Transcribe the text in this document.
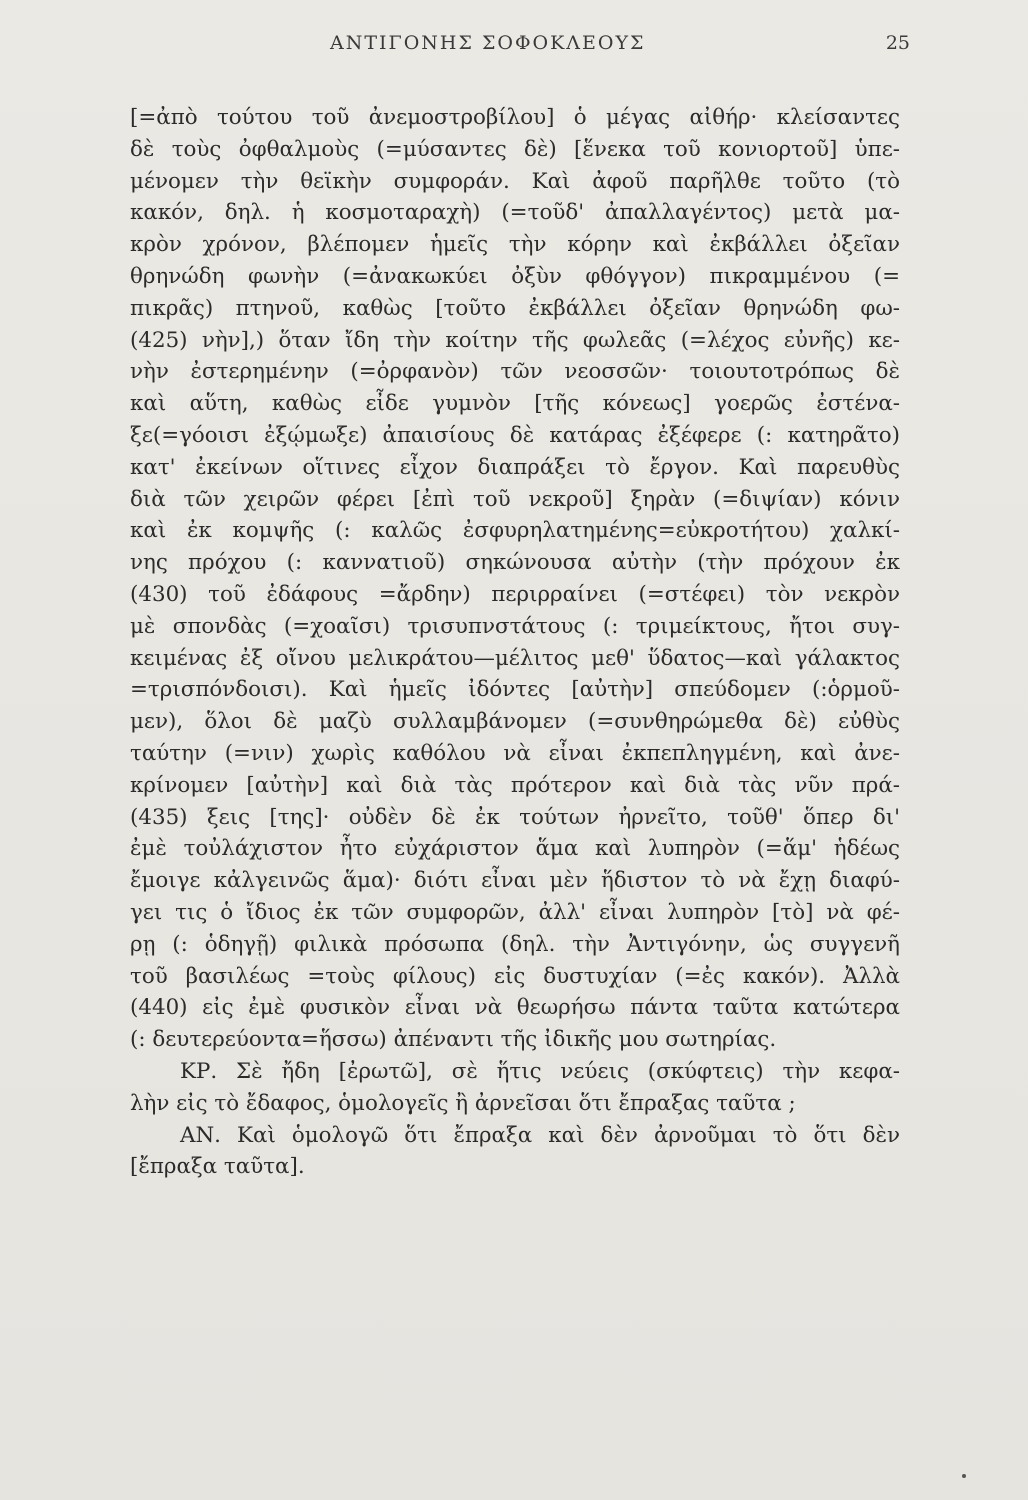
ΑΝΤΙΓΟΝΗΣ ΣΟΦΟΚΛΕΟΥΣ	25
[=ἀπὸ τούτου τοῦ ἀνεμοστροβίλου] ὁ μέγας αἰθήρ· κλείσαντες
δὲ τοὺς ὀφθαλμοὺς (=μύσαντες δὲ) [ἕνεκα τοῦ κονιορτοῦ] ὑπε-
μένομεν τὴν θεϊκὴν συμφοράν. Καὶ ἀφοῦ παρῆλθε τοῦτο (τὸ
κακόν, δηλ. ἡ κοσμοταραχὴ) (=τοῦδ' ἀπαλλαγέντος) μετὰ μα-
κρὸν χρόνον, βλέπομεν ἡμεῖς τὴν κόρην καὶ ἐκβάλλει ὀξεῖαν
θρηνώδη φωνὴν (=ἀνακωκύει ὀξὺν φθόγγον) πικραμμένου (=
πικρᾶς) πτηνοῦ, καθὼς [τοῦτο ἐκβάλλει ὀξεῖαν θρηνώδη φω-
(425) νὴν],) ὅταν ἴδη τὴν κοίτην τῆς φωλεᾶς (=λέχος εὐνῆς) κε-
νὴν ἐστερημένην (=ὀρφανὸν) τῶν νεοσσῶν· τοιουτοτρόπως δὲ
καὶ αὕτη, καθὼς εἶδε γυμνὸν [τῆς κόνεως] γοερῶς ἐστένα-
ξε(=γόοισι ἐξῴμωξε) ἀπαισίους δὲ κατάρας ἐξέφερε (: κατηρᾶτο)
κατ' ἐκείνων οἵτινες εἶχον διαπράξει τὸ ἔργον. Καὶ παρευθὺς
διὰ τῶν χειρῶν φέρει [ἐπὶ τοῦ νεκροῦ] ξηρὰν (=διψίαν) κόνιν
καὶ ἐκ κομψῆς (: καλῶς ἐσφυρηλατημένης=εὐκροτήτου) χαλκί-
νης πρόχου (: καννατιοῦ) σηκώνουσα αὐτὴν (τὴν πρόχουν ἐκ
(430) τοῦ ἐδάφους =ἄρδην) περιρραίνει (=στέφει) τὸν νεκρὸν
μὲ σπονδὰς (=χοαῖσι) τρισυπνστάτους (: τριμείκτους, ἤτοι συγ-
κειμένας ἐξ οἴνου μελικράτου—μέλιτος μεθ' ὕδατος—καὶ γάλακτος
=τρισπόνδοισι). Καὶ ἡμεῖς ἰδόντες [αὐτὴν] σπεύδομεν (:ὁρμοῦ-
μεν), ὅλοι δὲ μαζὺ συλλαμβάνομεν (=συνθηρώμεθα δὲ) εὐθὺς
ταύτην (=νιν) χωρὶς καθόλου νὰ εἶναι ἐκπεπληγμένη, καὶ ἀνε-
κρίνομεν [αὐτὴν] καὶ διὰ τὰς πρότερον καὶ διὰ τὰς νῦν πρά-
(435) ξεις [της]· οὐδὲν δὲ ἐκ τούτων ἠρνεῖτο, τοῦθ' ὅπερ δι'
ἐμὲ τοὐλάχιστον ἦτο εὐχάριστον ἅμα καὶ λυπηρὸν (=ἅμ' ἡδέως
ἔμοιγε κἀλγεινῶς ἅμα)· διότι εἶναι μὲν ἥδιστον τὸ νὰ ἔχῃ διαφύ-
γει τις ὁ ἴδιος ἐκ τῶν συμφορῶν, ἀλλ' εἶναι λυπηρὸν [τὸ] νὰ φέ-
ρῃ (: ὁδηγῇ) φιλικὰ πρόσωπα (δηλ. τὴν Ἀντιγόνην, ὡς συγγενῆ
τοῦ βασιλέως =τοὺς φίλους) εἰς δυστυχίαν (=ἐς κακόν). Ἀλλὰ
(440) εἰς ἐμὲ φυσικὸν εἶναι νὰ θεωρήσω πάντα ταῦτα κατώτερα
(: δευτερεύοντα=ἥσσω) ἀπέναντι τῆς ἰδικῆς μου σωτηρίας.
ΚΡ. Σὲ ἤδη [ἐρωτῶ], σὲ ἥτις νεύεις (σκύφτεις) τὴν κεφα-
λὴν εἰς τὸ ἔδαφος, ὁμολογεῖς ἢ ἀρνεῖσαι ὅτι ἔπραξας ταῦτα ;
ΑΝ. Καὶ ὁμολογῶ ὅτι ἔπραξα καὶ δὲν ἀρνοῦμαι τὸ ὅτι δὲν
[ἔπραξα ταῦτα].
